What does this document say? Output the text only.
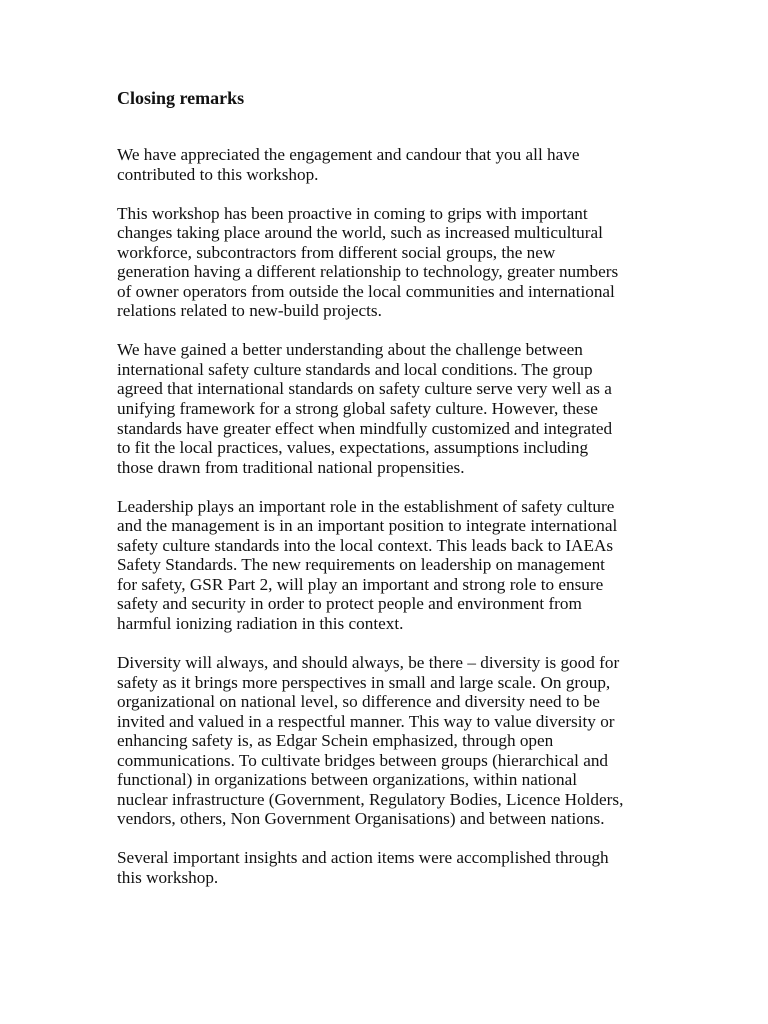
Closing remarks

We have appreciated the engagement and candour that you all have
contributed to this workshop.

This workshop has been proactive in coming to grips with important
changes taking place around the world, such as increased multicultural
workforce, subcontractors from different social groups, the new
generation having a different relationship to technology, greater numbers
of owner operators from outside the local communities and international
relations related to new-build projects.

We have gained a better understanding about the challenge between
international safety culture standards and local conditions. The group
agreed that international standards on safety culture serve very well as a
unifying framework for a strong global safety culture. However, these
standards have greater effect when mindfully customized and integrated
to fit the local practices, values, expectations, assumptions including
those drawn from traditional national propensities.

Leadership plays an important role in the establishment of safety culture
and the management is in an important position to integrate international
safety culture standards into the local context. This leads back to IAEAs
Safety Standards. The new requirements on leadership on management
for safety, GSR Part 2, will play an important and strong role to ensure
safety and security in order to protect people and environment from
harmful ionizing radiation in this context.

Diversity will always, and should always, be there – diversity is good for
safety as it brings more perspectives in small and large scale. On group,
organizational on national level, so difference and diversity need to be
invited and valued in a respectful manner. This way to value diversity or
enhancing safety is, as Edgar Schein emphasized, through open
communications. To cultivate bridges between groups (hierarchical and
functional) in organizations between organizations, within national
nuclear infrastructure (Government, Regulatory Bodies, Licence Holders,
vendors, others, Non Government Organisations) and between nations.

Several important insights and action items were accomplished through
this workshop.
